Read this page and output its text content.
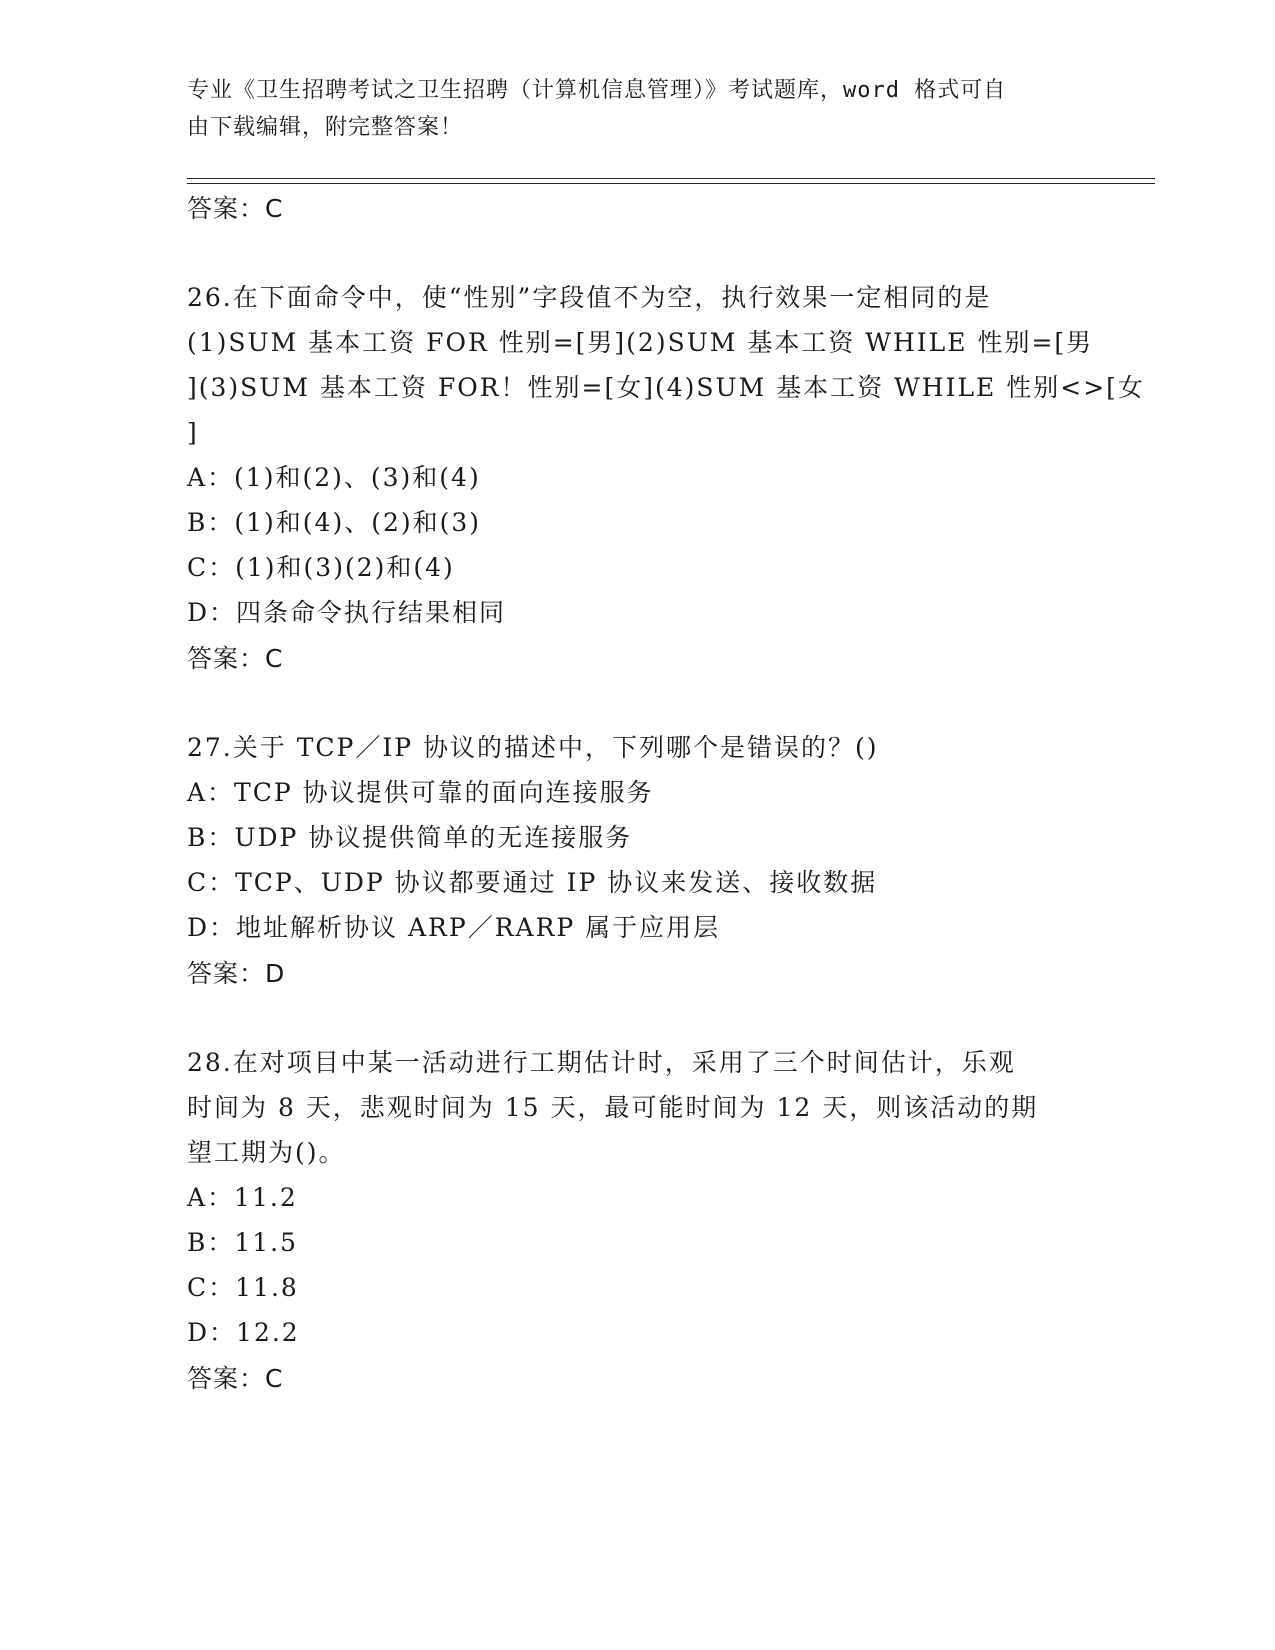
专业《卫生招聘考试之卫生招聘（计算机信息管理）》考试题库，word 格式可自
由下载编辑，附完整答案！
答案：C
26.在下面命令中，使“性别”字段值不为空，执行效果一定相同的是
(1)SUM 基本工资 FOR 性别=[男](2)SUM 基本工资 WHILE 性别=[男
](3)SUM 基本工资 FOR！性别=[女](4)SUM 基本工资 WHILE 性别<>[女
]
A：(1)和(2)、(3)和(4)
B：(1)和(4)、(2)和(3)
C：(1)和(3)(2)和(4)
D：四条命令执行结果相同
答案：C
27.关于 TCP／IP 协议的描述中，下列哪个是错误的？()
A：TCP 协议提供可靠的面向连接服务
B：UDP 协议提供简单的无连接服务
C：TCP、UDP 协议都要通过 IP 协议来发送、接收数据
D：地址解析协议 ARP／RARP 属于应用层
答案：D
28.在对项目中某一活动进行工期估计时，采用了三个时间估计，乐观
时间为 8 天，悲观时间为 15 天，最可能时间为 12 天，则该活动的期
望工期为()。
A：11.2
B：11.5
C：11.8
D：12.2
答案：C
